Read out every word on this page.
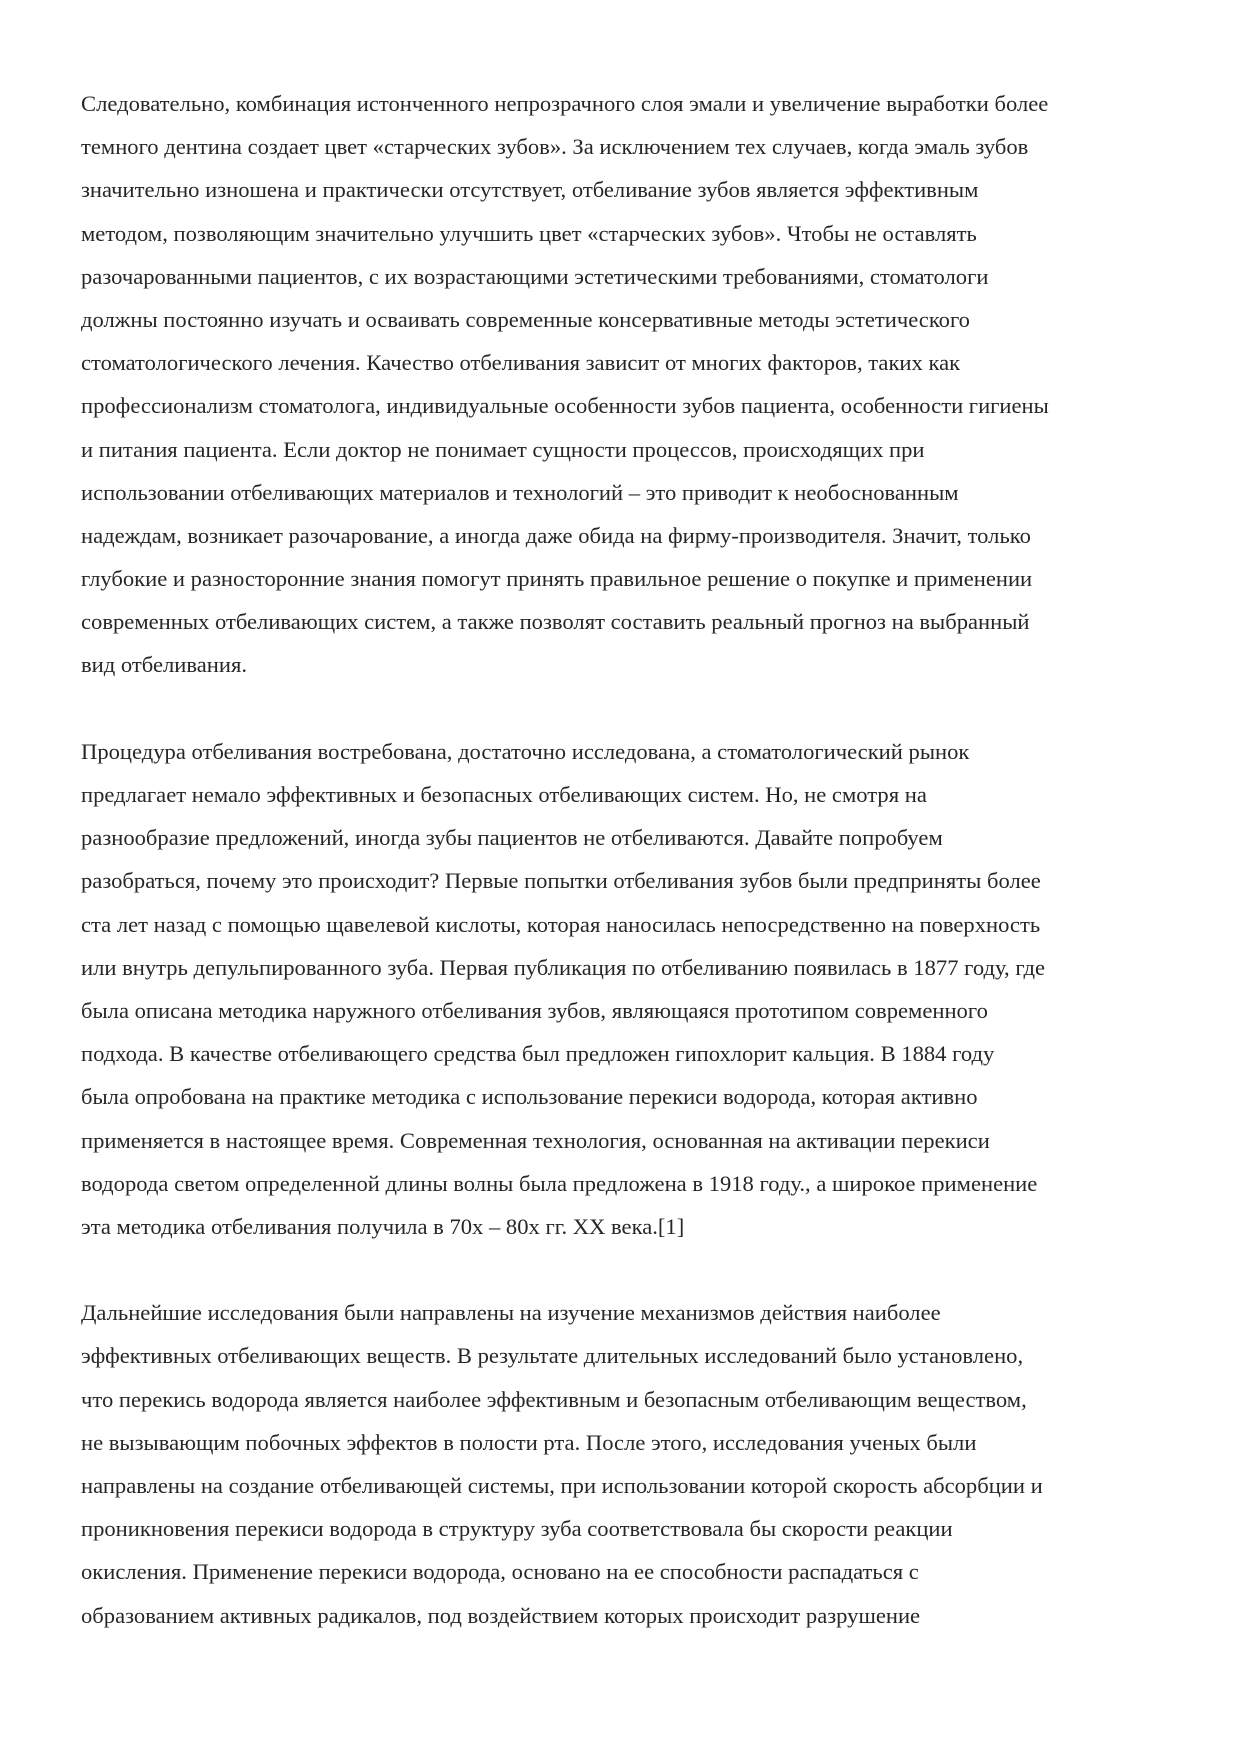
Следовательно, комбинация истонченного непрозрачного слоя эмали и увеличение выработки более
темного дентина создает цвет «старческих зубов». За исключением тех случаев, когда эмаль зубов
значительно изношена и практически отсутствует, отбеливание зубов является эффективным
методом, позволяющим значительно улучшить цвет «старческих зубов». Чтобы не оставлять
разочарованными пациентов, с их возрастающими эстетическими требованиями, стоматологи
должны постоянно изучать и осваивать современные консервативные методы эстетического
стоматологического лечения. Качество отбеливания зависит от многих факторов, таких как
профессионализм стоматолога, индивидуальные особенности зубов пациента, особенности гигиены
и питания пациента. Если доктор не понимает сущности процессов, происходящих при
использовании отбеливающих материалов и технологий – это приводит к необоснованным
надеждам, возникает разочарование, а иногда даже обида на фирму-производителя. Значит, только
глубокие и разносторонние знания помогут принять правильное решение о покупке и применении
современных отбеливающих систем, а также позволят составить реальный прогноз на выбранный
вид отбеливания.
Процедура отбеливания востребована, достаточно исследована, а стоматологический рынок
предлагает немало эффективных и безопасных отбеливающих систем. Но, не смотря на
разнообразие предложений, иногда зубы пациентов не отбеливаются. Давайте попробуем
разобраться, почему это происходит? Первые попытки отбеливания зубов были предприняты более
ста лет назад с помощью щавелевой кислоты, которая наносилась непосредственно на поверхность
или внутрь депульпированного зуба. Первая публикация по отбеливанию появилась в 1877 году, где
была описана методика наружного отбеливания зубов, являющаяся прототипом современного
подхода. В качестве отбеливающего средства был предложен гипохлорит кальция. В 1884 году
была опробована на практике методика с использование перекиси водорода, которая активно
применяется в настоящее время. Современная технология, основанная на активации перекиси
водорода светом определенной длины волны была предложена в 1918 году., а широкое применение
эта методика отбеливания получила в 70х – 80х гг. XX века.[1]
Дальнейшие исследования были направлены на изучение механизмов действия наиболее
эффективных отбеливающих веществ. В результате длительных исследований было установлено,
что перекись водорода является наиболее эффективным и безопасным отбеливающим веществом,
не вызывающим побочных эффектов в полости рта. После этого, исследования ученых были
направлены на создание отбеливающей системы, при использовании которой скорость абсорбции и
проникновения перекиси водорода в структуру зуба соответствовала бы скорости реакции
окисления. Применение перекиси водорода, основано на ее способности распадаться с
образованием активных радикалов, под воздействием которых происходит разрушение
